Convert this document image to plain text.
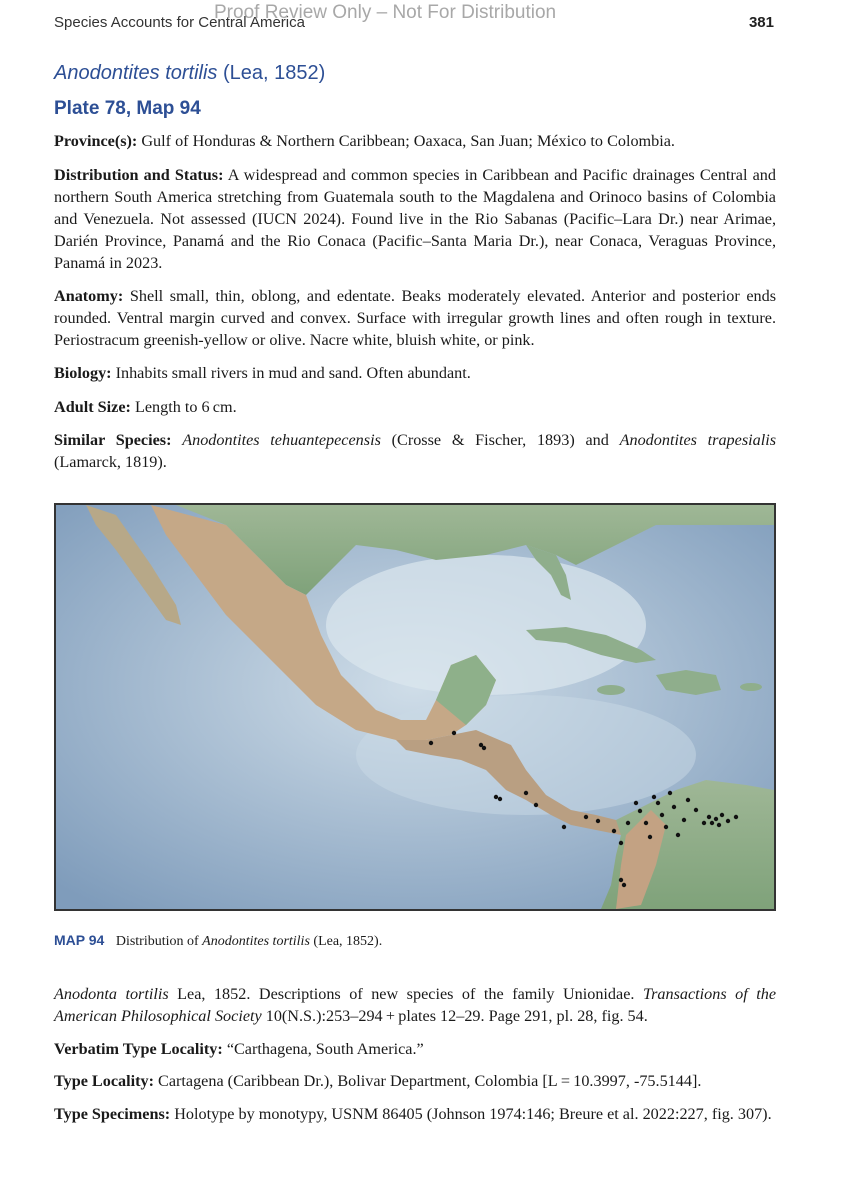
Species Accounts for Central America
Proof Review Only – Not For Distribution	381
Anodontites tortilis (Lea, 1852)
Plate 78, Map 94

Province(s): Gulf of Honduras & Northern Caribbean; Oaxaca, San Juan; México to Colombia.

Distribution and Status: A widespread and common species in Caribbean and Pacific drainages Central and northern South America stretching from Guatemala south to the Magdalena and Orinoco basins of Colombia and Venezuela. Not assessed (IUCN 2024). Found live in the Rio Sabanas (Pacific–Lara Dr.) near Arimae, Darién Province, Panamá and the Rio Conaca (Pacific–Santa Maria Dr.), near Conaca, Veraguas Province, Panamá in 2023.

Anatomy: Shell small, thin, oblong, and edentate. Beaks moderately elevated. Anterior and posterior ends rounded. Ventral margin curved and convex. Surface with irregular growth lines and often rough in texture. Periostracum greenish-yellow or olive. Nacre white, bluish white, or pink.

Biology: Inhabits small rivers in mud and sand. Often abundant.

Adult Size: Length to 6 cm.

Similar Species: Anodontites tehuantepecensis (Crosse & Fischer, 1893) and Anodontites trapesialis (Lamarck, 1819).

MAP 94 Distribution of Anodontites tortilis (Lea, 1852).

Anodonta tortilis Lea, 1852. Descriptions of new species of the family Unionidae. Transactions of the American Philosophical Society 10(N.S.):253–294 + plates 12–29. Page 291, pl. 28, fig. 54.

Verbatim Type Locality: “Carthagena, South America.”

Type Locality: Cartagena (Caribbean Dr.), Bolivar Department, Colombia [L = 10.3997, -75.5144].

Type Specimens: Holotype by monotypy, USNM 86405 (Johnson 1974:146; Breure et al. 2022:227, fig. 307).
